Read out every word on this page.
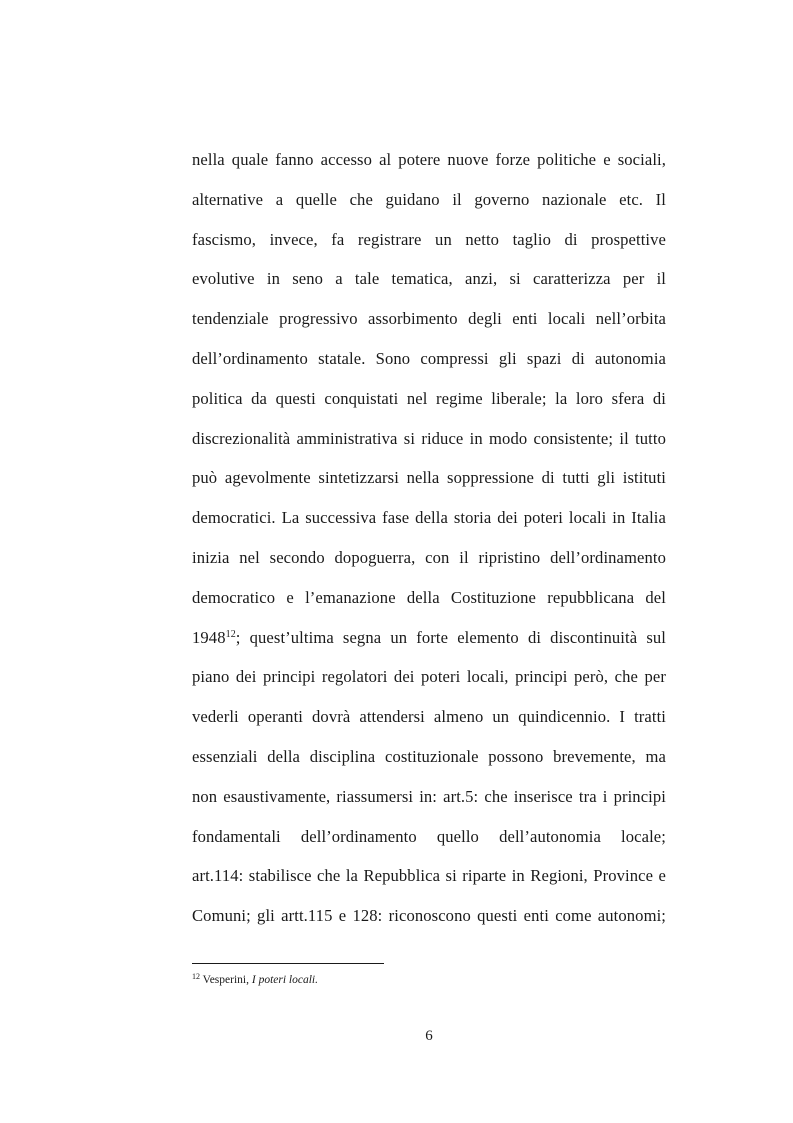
nella quale fanno accesso al potere nuove forze politiche e sociali,
alternative a quelle che guidano il governo nazionale etc. Il
fascismo, invece, fa registrare un netto taglio di prospettive
evolutive in seno a tale tematica, anzi, si caratterizza per il
tendenziale progressivo assorbimento degli enti locali nell’orbita
dell’ordinamento statale. Sono compressi gli spazi di autonomia
politica da questi conquistati nel regime liberale; la loro sfera di
discrezionalità amministrativa si riduce in modo consistente; il tutto
può agevolmente sintetizzarsi nella soppressione di tutti gli istituti
democratici. La successiva fase della storia dei poteri locali in Italia
inizia nel secondo dopoguerra, con il ripristino dell’ordinamento
democratico e l’emanazione della Costituzione repubblicana del
1948$^{12}$; quest’ultima segna un forte elemento di discontinuità sul
piano dei principi regolatori dei poteri locali, principi però, che per
vederli operanti dovrà attendersi almeno un quindicennio. I tratti
essenziali della disciplina costituzionale possono brevemente, ma
non esaustivamente, riassumersi in: art.5: che inserisce tra i principi
fondamentali dell’ordinamento quello dell’autonomia locale;
art.114: stabilisce che la Repubblica si riparte in Regioni, Province e
Comuni; gli artt.115 e 128: riconoscono questi enti come autonomi;
$^{12}$ Vesperini, I poteri locali.
6
